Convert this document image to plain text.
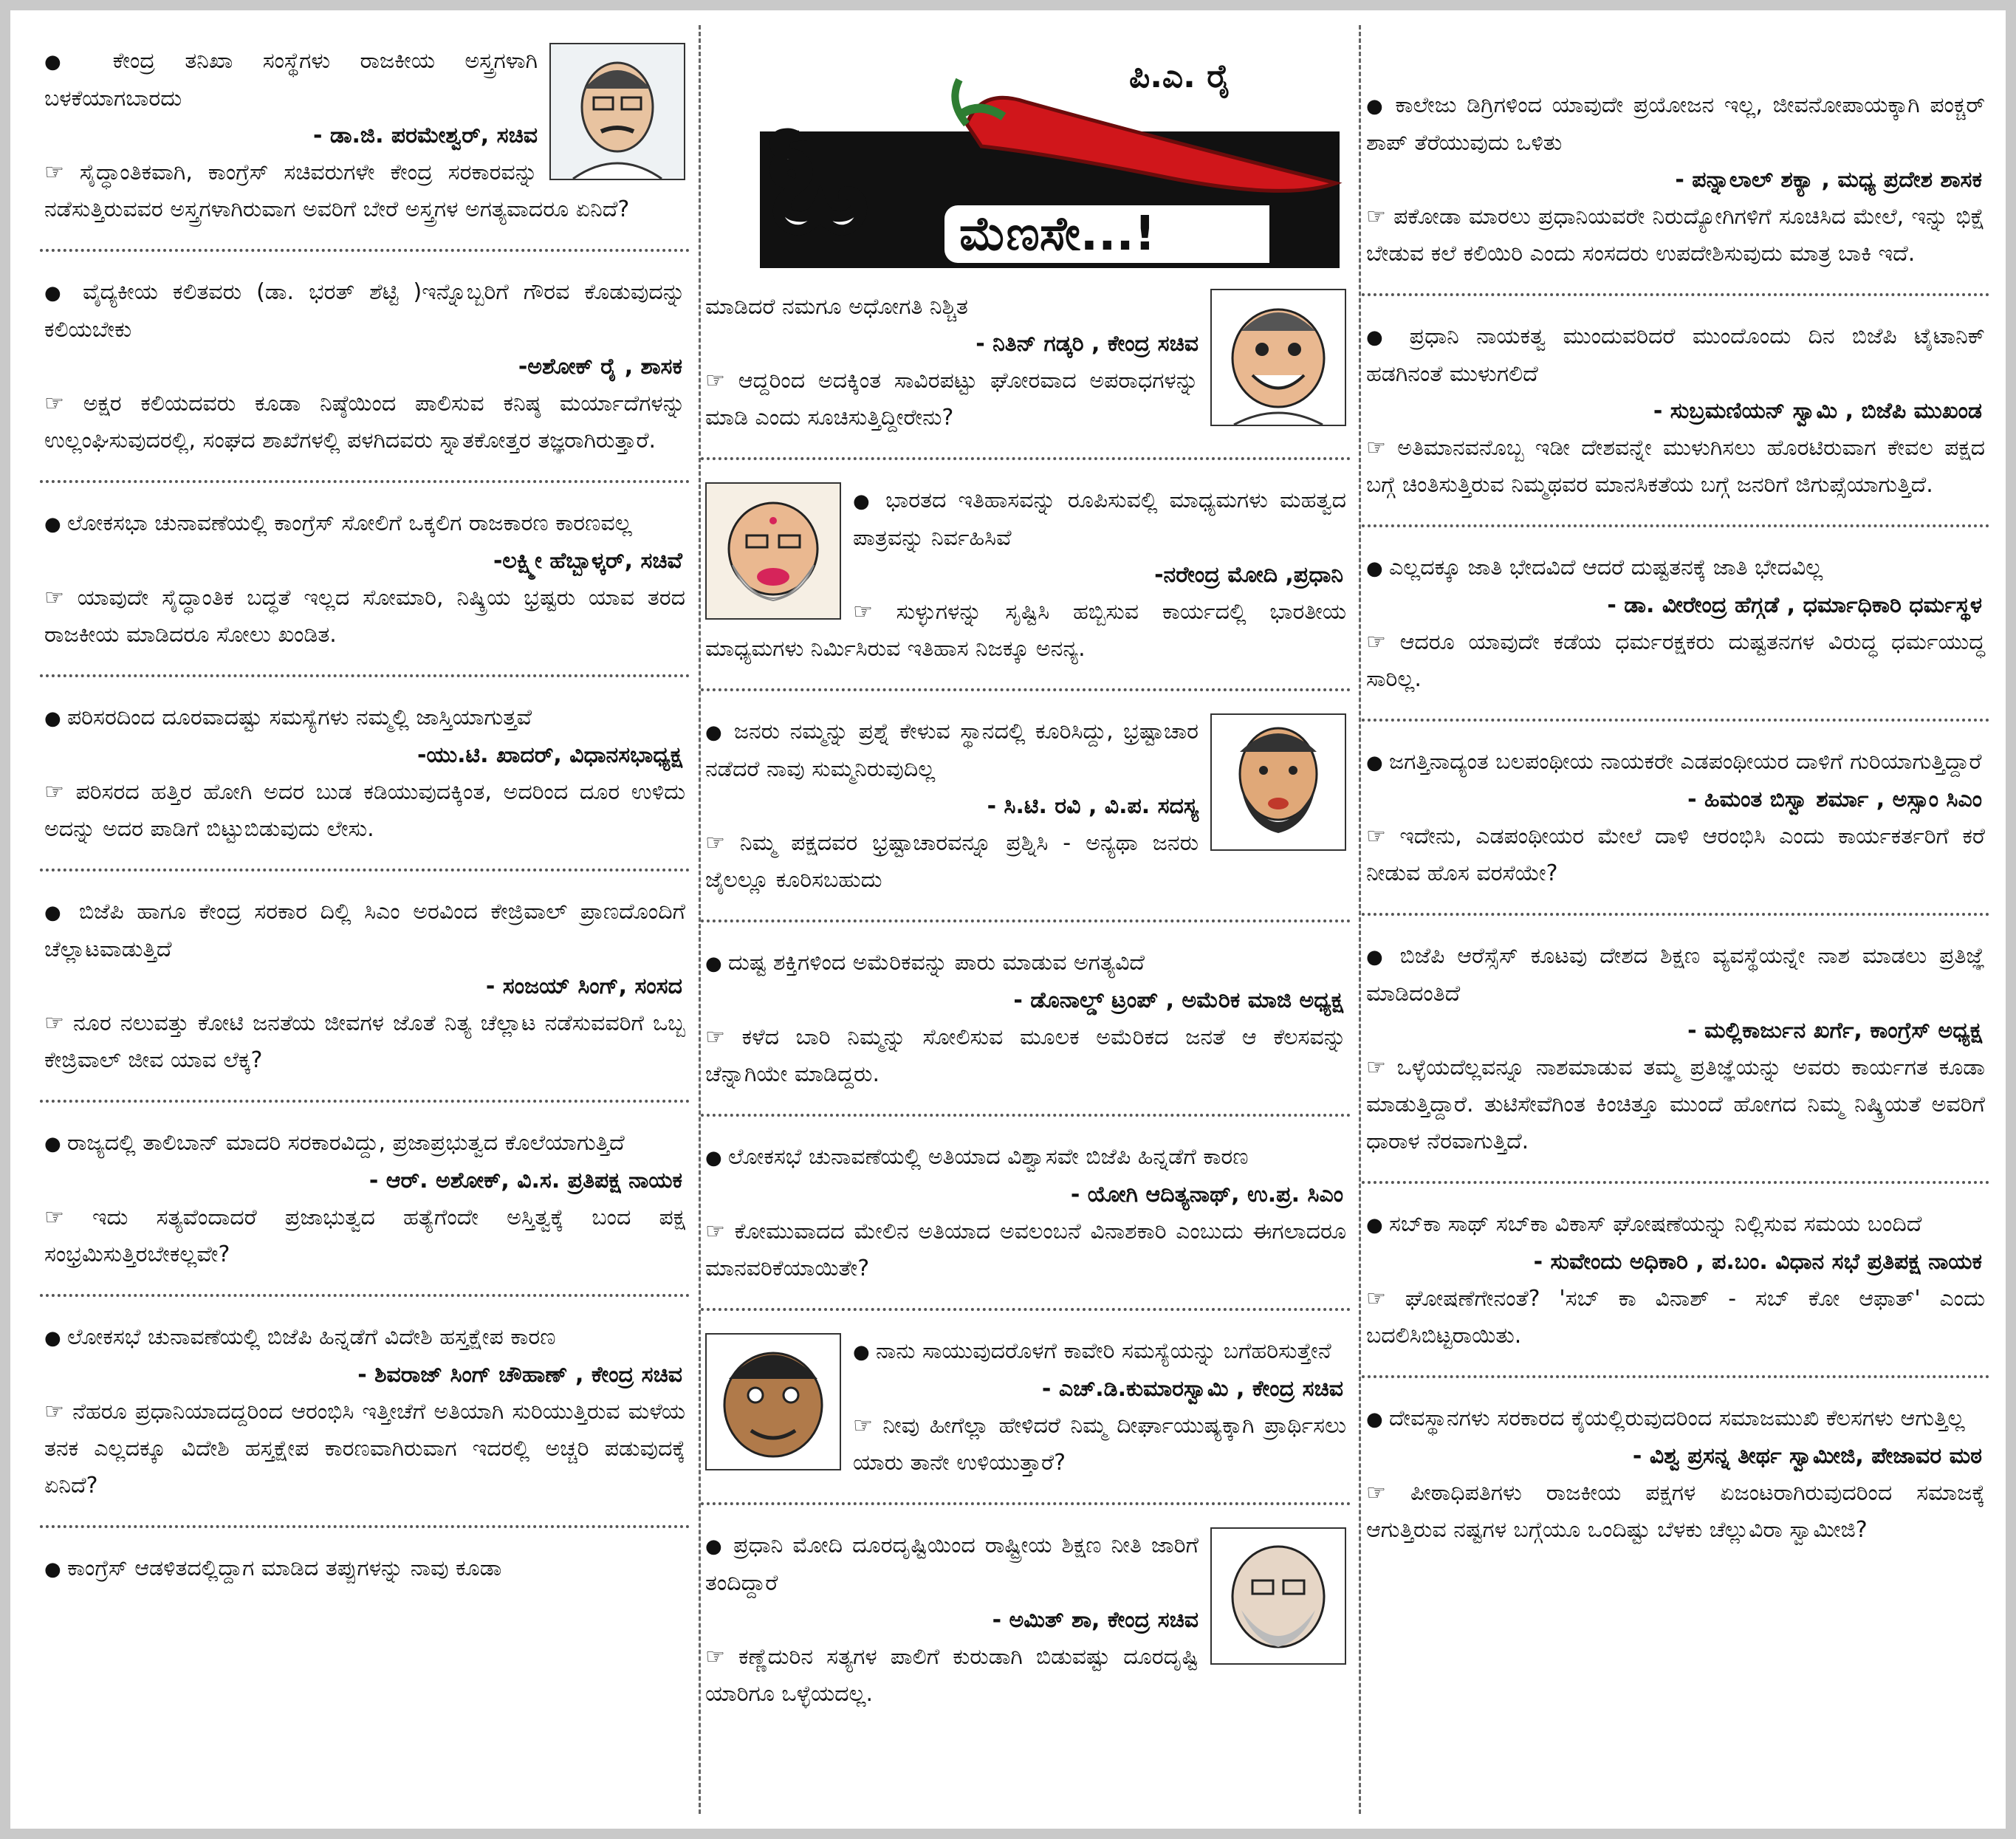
● ಕೇಂದ್ರ ತನಿಖಾ ಸಂಸ್ಥೆಗಳು ರಾಜಕೀಯ ಅಸ್ತ್ರಗಳಾಗಿ ಬಳಕೆಯಾಗಬಾರದು
- ಡಾ.ಜಿ. ಪರಮೇಶ್ವರ್, ಸಚಿವ
☞ ಸೈದ್ಧಾಂತಿಕವಾಗಿ, ಕಾಂಗ್ರೆಸ್ ಸಚಿವರುಗಳೇ ಕೇಂದ್ರ ಸರಕಾರವನ್ನು ನಡೆಸುತ್ತಿರುವವರ ಅಸ್ತ್ರಗಳಾಗಿರುವಾಗ ಅವರಿಗೆ ಬೇರೆ ಅಸ್ತ್ರಗಳ ಅಗತ್ಯವಾದರೂ ಏನಿದೆ?
● ವೈದ್ಯಕೀಯ ಕಲಿತವರು (ಡಾ. ಭರತ್ ಶೆಟ್ಟಿ )ಇನ್ನೊಬ್ಬರಿಗೆ ಗೌರವ ಕೊಡುವುದನ್ನು ಕಲಿಯಬೇಕು
-ಅಶೋಕ್ ರೈ , ಶಾಸಕ
☞ ಅಕ್ಷರ ಕಲಿಯದವರು ಕೂಡಾ ನಿಷ್ಠೆಯಿಂದ ಪಾಲಿಸುವ ಕನಿಷ್ಠ ಮರ್ಯಾದೆಗಳನ್ನು ಉಲ್ಲಂಘಿಸುವುದರಲ್ಲಿ, ಸಂಘದ ಶಾಖೆಗಳಲ್ಲಿ ಪಳಗಿದವರು ಸ್ನಾತಕೋತ್ತರ ತಜ್ಞರಾಗಿರುತ್ತಾರೆ.
● ಲೋಕಸಭಾ ಚುನಾವಣೆಯಲ್ಲಿ ಕಾಂಗ್ರೆಸ್ ಸೋಲಿಗೆ ಒಕ್ಕಲಿಗ ರಾಜಕಾರಣ ಕಾರಣವಲ್ಲ
-ಲಕ್ಷ್ಮೀ ಹೆಬ್ಬಾಳ್ಕರ್, ಸಚಿವೆ
☞ ಯಾವುದೇ ಸೈದ್ಧಾಂತಿಕ ಬದ್ಧತೆ ಇಲ್ಲದ ಸೋಮಾರಿ, ನಿಷ್ಕ್ರಿಯ ಭ್ರಷ್ಟರು ಯಾವ ತರದ ರಾಜಕೀಯ ಮಾಡಿದರೂ ಸೋಲು ಖಂಡಿತ.
● ಪರಿಸರದಿಂದ ದೂರವಾದಷ್ಟು ಸಮಸ್ಯೆಗಳು ನಮ್ಮಲ್ಲಿ ಜಾಸ್ತಿಯಾಗುತ್ತವೆ
-ಯು.ಟಿ. ಖಾದರ್, ವಿಧಾನಸಭಾಧ್ಯಕ್ಷ
☞ ಪರಿಸರದ ಹತ್ತಿರ ಹೋಗಿ ಅದರ ಬುಡ ಕಡಿಯುವುದಕ್ಕಿಂತ, ಅದರಿಂದ ದೂರ ಉಳಿದು ಅದನ್ನು ಅದರ ಪಾಡಿಗೆ ಬಿಟ್ಟುಬಿಡುವುದು ಲೇಸು.
● ಬಿಜೆಪಿ ಹಾಗೂ ಕೇಂದ್ರ ಸರಕಾರ ದಿಲ್ಲಿ ಸಿಎಂ ಅರವಿಂದ ಕೇಜ್ರಿವಾಲ್ ಪ್ರಾಣದೊಂದಿಗೆ ಚೆಲ್ಲಾಟವಾಡುತ್ತಿದೆ
- ಸಂಜಯ್ ಸಿಂಗ್, ಸಂಸದ
☞ ನೂರ ನಲುವತ್ತು ಕೋಟಿ ಜನತೆಯ ಜೀವಗಳ ಜೊತೆ ನಿತ್ಯ ಚೆಲ್ಲಾಟ ನಡೆಸುವವರಿಗೆ ಒಬ್ಬ ಕೇಜ್ರಿವಾಲ್ ಜೀವ ಯಾವ ಲೆಕ್ಕ?
● ರಾಜ್ಯದಲ್ಲಿ ತಾಲಿಬಾನ್ ಮಾದರಿ ಸರಕಾರವಿದ್ದು, ಪ್ರಜಾಪ್ರಭುತ್ವದ ಕೊಲೆಯಾಗುತ್ತಿದೆ
- ಆರ್. ಅಶೋಕ್, ವಿ.ಸ. ಪ್ರತಿಪಕ್ಷ ನಾಯಕ
☞ ಇದು ಸತ್ಯವೆಂದಾದರೆ ಪ್ರಜಾಭುತ್ವದ ಹತ್ಯೆಗೆಂದೇ ಅಸ್ತಿತ್ವಕ್ಕೆ ಬಂದ ಪಕ್ಷ ಸಂಭ್ರಮಿಸುತ್ತಿರಬೇಕಲ್ಲವೇ?
● ಲೋಕಸಭೆ ಚುನಾವಣೆಯಲ್ಲಿ ಬಿಜೆಪಿ ಹಿನ್ನಡೆಗೆ ವಿದೇಶಿ ಹಸ್ತಕ್ಷೇಪ ಕಾರಣ
- ಶಿವರಾಜ್ ಸಿಂಗ್ ಚೌಹಾಣ್ , ಕೇಂದ್ರ ಸಚಿವ
☞ ನೆಹರೂ ಪ್ರಧಾನಿಯಾದದ್ದರಿಂದ ಆರಂಭಿಸಿ ಇತ್ತೀಚೆಗೆ ಅತಿಯಾಗಿ ಸುರಿಯುತ್ತಿರುವ ಮಳೆಯ ತನಕ ಎಲ್ಲದಕ್ಕೂ ವಿದೇಶಿ ಹಸ್ತಕ್ಷೇಪ ಕಾರಣವಾಗಿರುವಾಗ ಇದರಲ್ಲಿ ಅಚ್ಚರಿ ಪಡುವುದಕ್ಕೆ ಏನಿದೆ?
● ಕಾಂಗ್ರೆಸ್ ಆಡಳಿತದಲ್ಲಿದ್ದಾಗ ಮಾಡಿದ ತಪ್ಪುಗಳನ್ನು ನಾವು ಕೂಡಾ
ಓ	ಮೆಣಸೇ...!
ಪಿ.ಎ. ರೈ
ಮಾಡಿದರೆ ನಮಗೂ ಅಧೋಗತಿ ನಿಶ್ಚಿತ
- ನಿತಿನ್ ಗಡ್ಕರಿ , ಕೇಂದ್ರ ಸಚಿವ
☞ ಆದ್ದರಿಂದ ಅದಕ್ಕಿಂತ ಸಾವಿರಪಟ್ಟು ಘೋರವಾದ ಅಪರಾಧಗಳನ್ನು ಮಾಡಿ ಎಂದು ಸೂಚಿಸುತ್ತಿದ್ದೀರೇನು?
● ಭಾರತದ ಇತಿಹಾಸವನ್ನು ರೂಪಿಸುವಲ್ಲಿ ಮಾಧ್ಯಮಗಳು ಮಹತ್ವದ ಪಾತ್ರವನ್ನು ನಿರ್ವಹಿಸಿವೆ
-ನರೇಂದ್ರ ಮೋದಿ ,ಪ್ರಧಾನಿ
☞ ಸುಳ್ಳುಗಳನ್ನು ಸೃಷ್ಟಿಸಿ ಹಬ್ಬಿಸುವ ಕಾರ್ಯದಲ್ಲಿ ಭಾರತೀಯ ಮಾಧ್ಯಮಗಳು ನಿರ್ಮಿಸಿರುವ ಇತಿಹಾಸ ನಿಜಕ್ಕೂ ಅನನ್ಯ.
● ಜನರು ನಮ್ಮನ್ನು ಪ್ರಶ್ನೆ ಕೇಳುವ ಸ್ಥಾನದಲ್ಲಿ ಕೂರಿಸಿದ್ದು, ಭ್ರಷ್ಟಾಚಾರ ನಡೆದರೆ ನಾವು ಸುಮ್ಮನಿರುವುದಿಲ್ಲ
- ಸಿ.ಟಿ. ರವಿ , ವಿ.ಪ. ಸದಸ್ಯ
☞ ನಿಮ್ಮ ಪಕ್ಷದವರ ಭ್ರಷ್ಟಾಚಾರವನ್ನೂ ಪ್ರಶ್ನಿಸಿ - ಅನ್ಯಥಾ ಜನರು ಜೈಲಲ್ಲೂ ಕೂರಿಸಬಹುದು
● ದುಷ್ಟ ಶಕ್ತಿಗಳಿಂದ ಅಮೆರಿಕವನ್ನು ಪಾರು ಮಾಡುವ ಅಗತ್ಯವಿದೆ
- ಡೊನಾಲ್ಡ್ ಟ್ರಂಪ್ , ಅಮೆರಿಕ ಮಾಜಿ ಅಧ್ಯಕ್ಷ
☞ ಕಳೆದ ಬಾರಿ ನಿಮ್ಮನ್ನು ಸೋಲಿಸುವ ಮೂಲಕ ಅಮೆರಿಕದ ಜನತೆ ಆ ಕೆಲಸವನ್ನು ಚೆನ್ನಾಗಿಯೇ ಮಾಡಿದ್ದರು.
● ಲೋಕಸಭೆ ಚುನಾವಣೆಯಲ್ಲಿ ಅತಿಯಾದ ವಿಶ್ವಾಸವೇ ಬಿಜೆಪಿ ಹಿನ್ನಡೆಗೆ ಕಾರಣ
- ಯೋಗಿ ಆದಿತ್ಯನಾಥ್, ಉ.ಪ್ರ. ಸಿಎಂ
☞ ಕೋಮುವಾದದ ಮೇಲಿನ ಅತಿಯಾದ ಅವಲಂಬನೆ ವಿನಾಶಕಾರಿ ಎಂಬುದು ಈಗಲಾದರೂ ಮಾನವರಿಕೆಯಾಯಿತೇ?
● ನಾನು ಸಾಯುವುದರೊಳಗೆ ಕಾವೇರಿ ಸಮಸ್ಯೆಯನ್ನು ಬಗೆಹರಿಸುತ್ತೇನೆ
- ಎಚ್.ಡಿ.ಕುಮಾರಸ್ವಾಮಿ , ಕೇಂದ್ರ ಸಚಿವ
☞ ನೀವು ಹೀಗೆಲ್ಲಾ ಹೇಳಿದರೆ ನಿಮ್ಮ ದೀರ್ಘಾಯುಷ್ಯಕ್ಕಾಗಿ ಪ್ರಾರ್ಥಿಸಲು ಯಾರು ತಾನೇ ಉಳಿಯುತ್ತಾರೆ?
● ಪ್ರಧಾನಿ ಮೋದಿ ದೂರದೃಷ್ಟಿಯಿಂದ ರಾಷ್ಟ್ರೀಯ ಶಿಕ್ಷಣ ನೀತಿ ಜಾರಿಗೆ ತಂದಿದ್ದಾರೆ
- ಅಮಿತ್ ಶಾ, ಕೇಂದ್ರ ಸಚಿವ
☞ ಕಣ್ಣೆದುರಿನ ಸತ್ಯಗಳ ಪಾಲಿಗೆ ಕುರುಡಾಗಿ ಬಿಡುವಷ್ಟು ದೂರದೃಷ್ಟಿ ಯಾರಿಗೂ ಒಳ್ಳೆಯದಲ್ಲ.
● ಕಾಲೇಜು ಡಿಗ್ರಿಗಳಿಂದ ಯಾವುದೇ ಪ್ರಯೋಜನ ಇಲ್ಲ, ಜೀವನೋಪಾಯಕ್ಕಾಗಿ ಪಂಕ್ಚರ್ ಶಾಪ್ ತೆರೆಯುವುದು ಒಳಿತು
- ಪನ್ನಾಲಾಲ್ ಶಕ್ಯಾ , ಮಧ್ಯ ಪ್ರದೇಶ ಶಾಸಕ
☞ ಪಕೋಡಾ ಮಾರಲು ಪ್ರಧಾನಿಯವರೇ ನಿರುದ್ಯೋಗಿಗಳಿಗೆ ಸೂಚಿಸಿದ ಮೇಲೆ, ಇನ್ನು ಭಿಕ್ಷೆ ಬೇಡುವ ಕಲೆ ಕಲಿಯಿರಿ ಎಂದು ಸಂಸದರು ಉಪದೇಶಿಸುವುದು ಮಾತ್ರ ಬಾಕಿ ಇದೆ.
● ಪ್ರಧಾನಿ ನಾಯಕತ್ವ ಮುಂದುವರಿದರೆ ಮುಂದೊಂದು ದಿನ ಬಿಜೆಪಿ ಟೈಟಾನಿಕ್ ಹಡಗಿನಂತೆ ಮುಳುಗಲಿದೆ
- ಸುಬ್ರಮಣಿಯನ್ ಸ್ವಾಮಿ , ಬಿಜೆಪಿ ಮುಖಂಡ
☞ ಅತಿಮಾನವನೊಬ್ಬ ಇಡೀ ದೇಶವನ್ನೇ ಮುಳುಗಿಸಲು ಹೊರಟಿರುವಾಗ ಕೇವಲ ಪಕ್ಷದ ಬಗ್ಗೆ ಚಿಂತಿಸುತ್ತಿರುವ ನಿಮ್ಮಥವರ ಮಾನಸಿಕತೆಯ ಬಗ್ಗೆ ಜನರಿಗೆ ಜಿಗುಪ್ಸೆಯಾಗುತ್ತಿದೆ.
● ಎಲ್ಲದಕ್ಕೂ ಜಾತಿ ಭೇದವಿದೆ ಆದರೆ ದುಷ್ಟತನಕ್ಕೆ ಜಾತಿ ಭೇದವಿಲ್ಲ
- ಡಾ. ವೀರೇಂದ್ರ ಹೆಗ್ಗಡೆ , ಧರ್ಮಾಧಿಕಾರಿ ಧರ್ಮಸ್ಥಳ
☞ ಆದರೂ ಯಾವುದೇ ಕಡೆಯ ಧರ್ಮರಕ್ಷಕರು ದುಷ್ಟತನಗಳ ವಿರುದ್ಧ ಧರ್ಮಯುದ್ಧ ಸಾರಿಲ್ಲ.
● ಜಗತ್ತಿನಾದ್ಯಂತ ಬಲಪಂಥೀಯ ನಾಯಕರೇ ಎಡಪಂಥೀಯರ ದಾಳಿಗೆ ಗುರಿಯಾಗುತ್ತಿದ್ದಾರೆ
- ಹಿಮಂತ ಬಿಸ್ವಾ ಶರ್ಮಾ , ಅಸ್ಸಾಂ ಸಿಎಂ
☞ ಇದೇನು, ಎಡಪಂಥೀಯರ ಮೇಲೆ ದಾಳಿ ಆರಂಭಿಸಿ ಎಂದು ಕಾರ್ಯಕರ್ತರಿಗೆ ಕರೆ ನೀಡುವ ಹೊಸ ವರಸೆಯೇ?
● ಬಿಜೆಪಿ ಆರೆಸ್ಸೆಸ್ ಕೂಟವು ದೇಶದ ಶಿಕ್ಷಣ ವ್ಯವಸ್ಥೆಯನ್ನೇ ನಾಶ ಮಾಡಲು ಪ್ರತಿಜ್ಞೆ ಮಾಡಿದಂತಿದೆ
- ಮಲ್ಲಿಕಾರ್ಜುನ ಖರ್ಗೆ, ಕಾಂಗ್ರೆಸ್ ಅಧ್ಯಕ್ಷ
☞ ಒಳ್ಳೆಯದೆಲ್ಲವನ್ನೂ ನಾಶಮಾಡುವ ತಮ್ಮ ಪ್ರತಿಜ್ಞೆಯನ್ನು ಅವರು ಕಾರ್ಯಗತ ಕೂಡಾ ಮಾಡುತ್ತಿದ್ದಾರೆ. ತುಟಿಸೇವೆಗಿಂತ ಕಿಂಚಿತ್ತೂ ಮುಂದೆ ಹೋಗದ ನಿಮ್ಮ ನಿಷ್ಕ್ರಿಯತೆ ಅವರಿಗೆ ಧಾರಾಳ ನೆರವಾಗುತ್ತಿದೆ.
● ಸಬ್‌ಕಾ ಸಾಥ್ ಸಬ್‌ಕಾ ವಿಕಾಸ್ ಘೋಷಣೆಯನ್ನು ನಿಲ್ಲಿಸುವ ಸಮಯ ಬಂದಿದೆ
- ಸುವೇಂದು ಅಧಿಕಾರಿ , ಪ.ಬಂ. ವಿಧಾನ ಸಭೆ ಪ್ರತಿಪಕ್ಷ ನಾಯಕ
☞ ಘೋಷಣೆಗೇನಂತೆ? 'ಸಬ್ ಕಾ ವಿನಾಶ್ - ಸಬ್ ಕೋ ಆಫಾತ್' ಎಂದು ಬದಲಿಸಿಬಿಟ್ಟರಾಯಿತು.
● ದೇವಸ್ಥಾನಗಳು ಸರಕಾರದ ಕೈಯಲ್ಲಿರುವುದರಿಂದ ಸಮಾಜಮುಖಿ ಕೆಲಸಗಳು ಆಗುತ್ತಿಲ್ಲ
- ವಿಶ್ವ ಪ್ರಸನ್ನ ತೀರ್ಥ ಸ್ವಾಮೀಜಿ, ಪೇಜಾವರ ಮಠ
☞ ಪೀಠಾಧಿಪತಿಗಳು ರಾಜಕೀಯ ಪಕ್ಷಗಳ ಏಜಂಟರಾಗಿರುವುದರಿಂದ ಸಮಾಜಕ್ಕೆ ಆಗುತ್ತಿರುವ ನಷ್ಟಗಳ ಬಗ್ಗೆಯೂ ಒಂದಿಷ್ಟು ಬೆಳಕು ಚೆಲ್ಲುವಿರಾ ಸ್ವಾಮೀಜಿ?
